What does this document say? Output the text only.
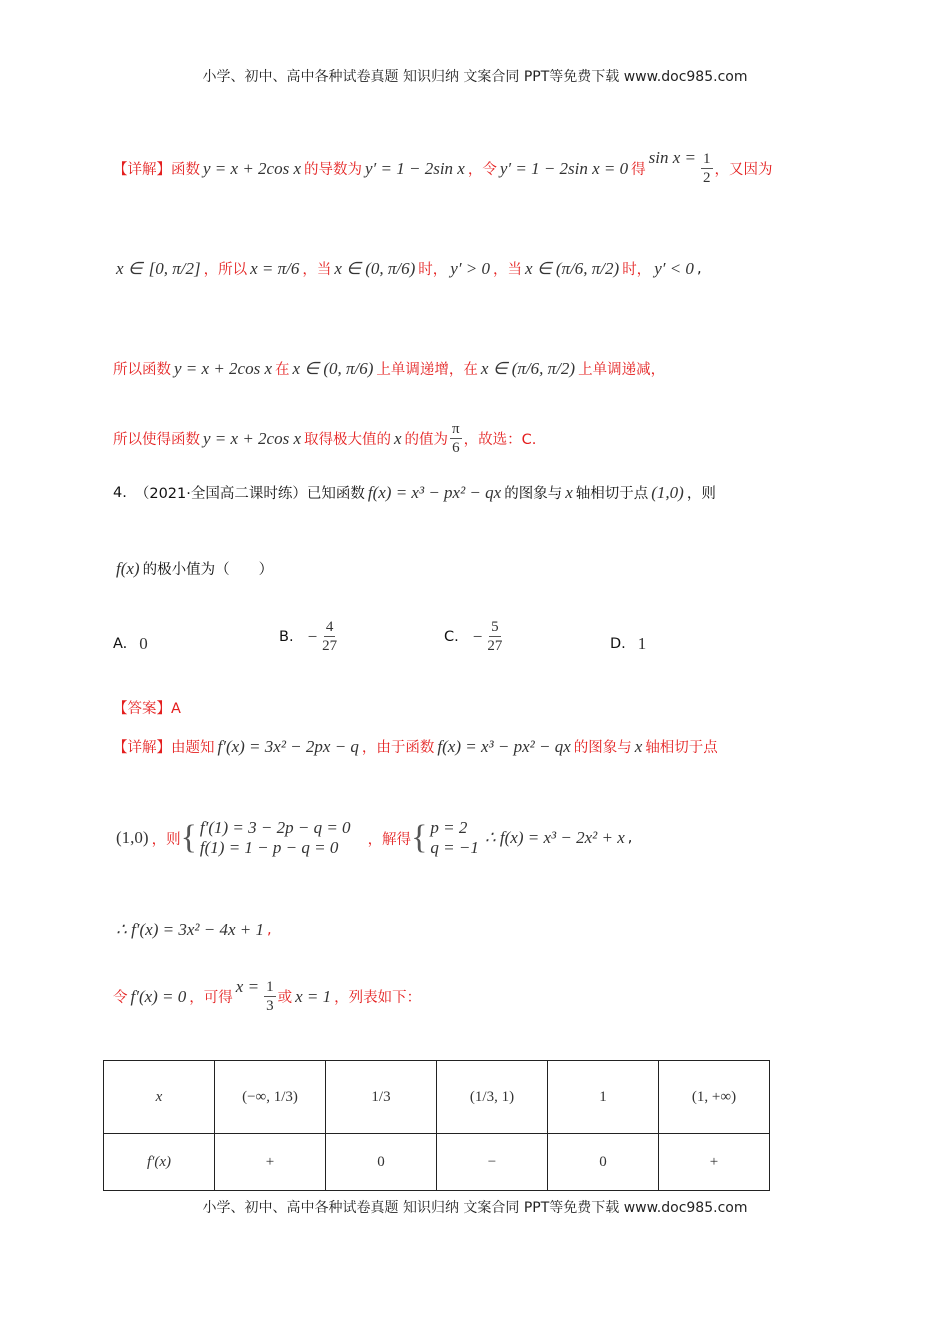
小学、初中、高中各种试卷真题 知识归纳 文案合同 PPT等免费下载 www.doc985.com
【详解】函数 y = x + 2cos x 的导数为 y′ = 1 − 2sin x ，令 y′ = 1 − 2sin x = 0 得
$\sin x = \frac{1}{2}$ ，又因为
x ∈ [0, π/2] ，所以 x = π/6 ，当 x ∈ (0, π/6) 时， y′ > 0 ，当 x ∈ (π/6, π/2) 时， y′ < 0 ,
所以函数 y = x + 2cos x 在 x ∈ (0, π/6) 上单调递增，在 x ∈ (π/6, π/2) 上单调递减，
所以使得函数 y = x + 2cos x 取得极大值的 x 的值为 $\frac{\pi}{6}$ ，故选：C.
4. （2021·全国高二课时练）已知函数 f(x) = x³ − px² − qx 的图象与 x 轴相切于点 (1,0) ，则
f(x) 的极小值为（　　）
A. 0	B. − $\frac{4}{27}$	C. − $\frac{5}{27}$	D. 1
【答案】A
【详解】由题知 f′(x) = 3x² − 2px − q ，由于函数 f(x) = x³ − px² − qx 的图象与 x 轴相切于点
(1,0) ，则 { f′(1) = 3 − 2p − q = 0
f(1) = 1 − p − q = 0	，解得 { p = 2
q = −1
∴ f(x) = x³ − 2x² + x ,
∴ f′(x) = 3x² − 4x + 1 ,
令 f′(x) = 0 ，可得
$x = \frac{1}{3}$ 或 x = 1 ，列表如下：
x	(−∞, 1/3)	1/3	(1/3, 1)	1	(1, +∞)
f′(x)	+	0	−	0	+
小学、初中、高中各种试卷真题 知识归纳 文案合同 PPT等免费下载 www.doc985.com
